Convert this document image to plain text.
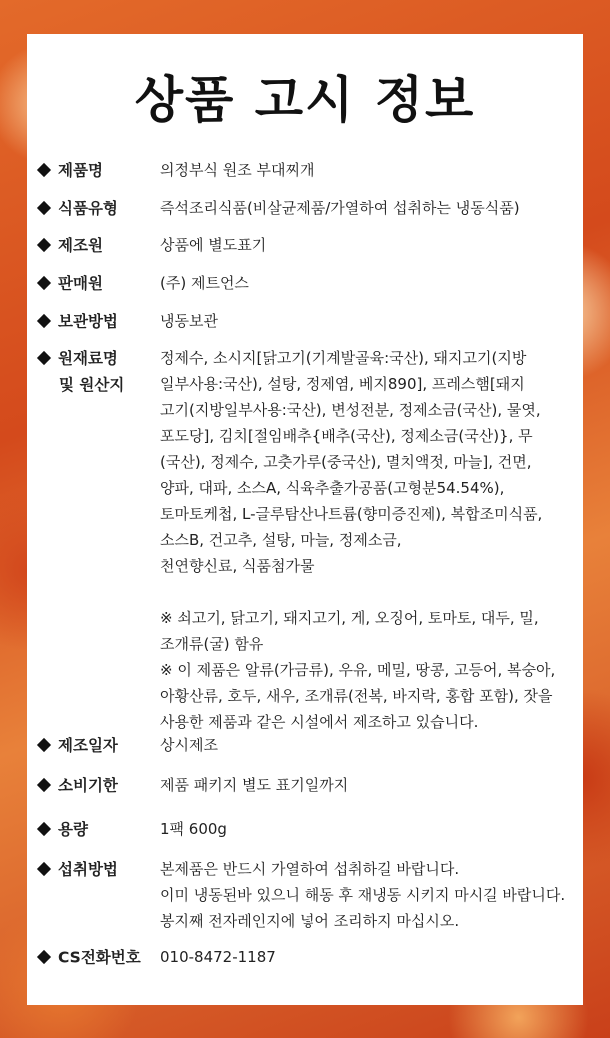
상품 고시 정보
제품명	의정부식 원조 부대찌개

식품유형	즉석조리식품(비살균제품/가열하여 섭취하는 냉동식품)

제조원	상품에 별도표기

판매원	(주) 제트언스

보관방법	냉동보관

원재료명
및 원산지

정제수, 소시지[닭고기(기계발골육:국산), 돼지고기(지방

일부사용:국산), 설탕, 정제염, 베지890], 프레스햄[돼지

고기(지방일부사용:국산), 변성전분, 정제소금(국산), 물엿,

포도당], 김치[절임배추{배추(국산), 정제소금(국산)}, 무

(국산), 정제수, 고춧가루(중국산), 멸치액젓, 마늘], 건면,

양파, 대파, 소스A, 식육추출가공품(고형분54.54%),

토마토케첩, L-글루탐산나트륨(향미증진제), 복합조미식품,

소스B, 건고추, 설탕, 마늘, 정제소금,

천연향신료, 식품첨가물

※ 쇠고기, 닭고기, 돼지고기, 게, 오징어, 토마토, 대두, 밀,

조개류(굴) 함유

※ 이 제품은 알류(가금류), 우유, 메밀, 땅콩, 고등어, 복숭아,

아황산류, 호두, 새우, 조개류(전복, 바지락, 홍합 포함), 잣을

사용한 제품과 같은 시설에서 제조하고 있습니다.

제조일자	상시제조

소비기한	제품 패키지 별도 표기일까지

용량	1팩 600g

섭취방법	본제품은 반드시 가열하여 섭취하길 바랍니다.

이미 냉동된바 있으니 해동 후 재냉동 시키지 마시길 바랍니다.

봉지째 전자레인지에 넣어 조리하지 마십시오.

CS전화번호	010-8472-1187
